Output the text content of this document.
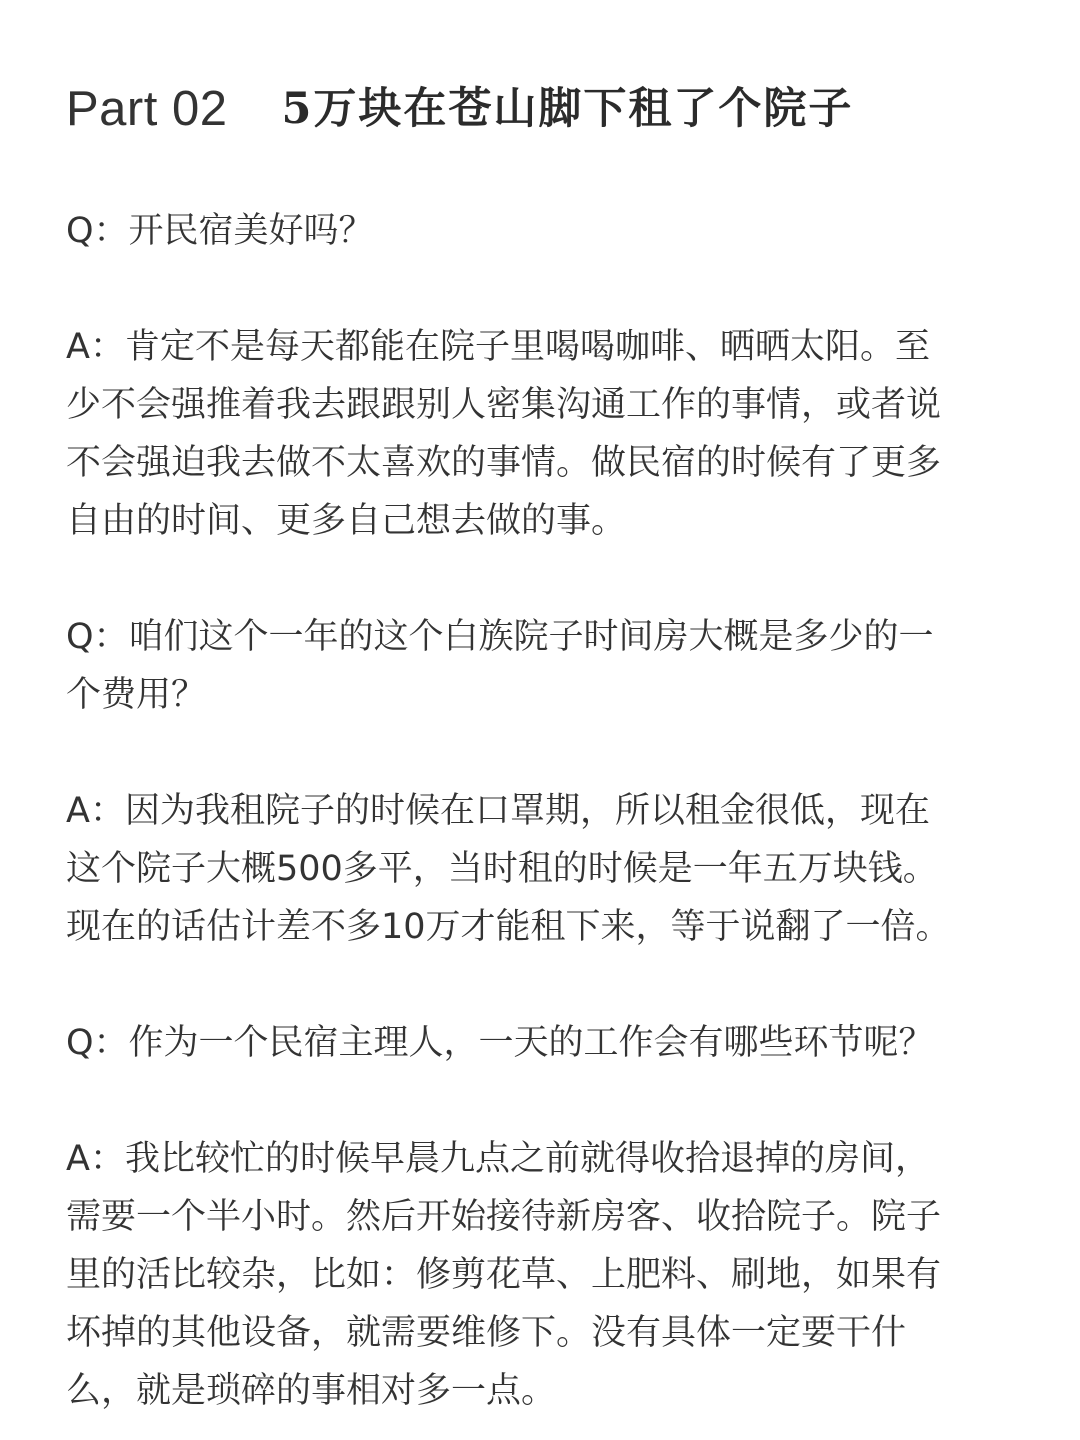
Part 02 5万块在苍山脚下租了个院子

Q：开民宿美好吗？

A：肯定不是每天都能在院子里喝喝咖啡、晒晒太阳。至

少不会强推着我去跟跟别人密集沟通工作的事情，或者说

不会强迫我去做不太喜欢的事情。做民宿的时候有了更多

自由的时间、更多自己想去做的事。

Q：咱们这个一年的这个白族院子时间房大概是多少的一

个费用？

A：因为我租院子的时候在口罩期，所以租金很低，现在

这个院子大概500多平，当时租的时候是一年五万块钱。

现在的话估计差不多10万才能租下来，等于说翻了一倍。

Q：作为一个民宿主理人，一天的工作会有哪些环节呢？

A：我比较忙的时候早晨九点之前就得收拾退掉的房间，

需要一个半小时。然后开始接待新房客、收拾院子。院子

里的活比较杂，比如：修剪花草、上肥料、刷地，如果有

坏掉的其他设备，就需要维修下。没有具体一定要干什

么，就是琐碎的事相对多一点。
